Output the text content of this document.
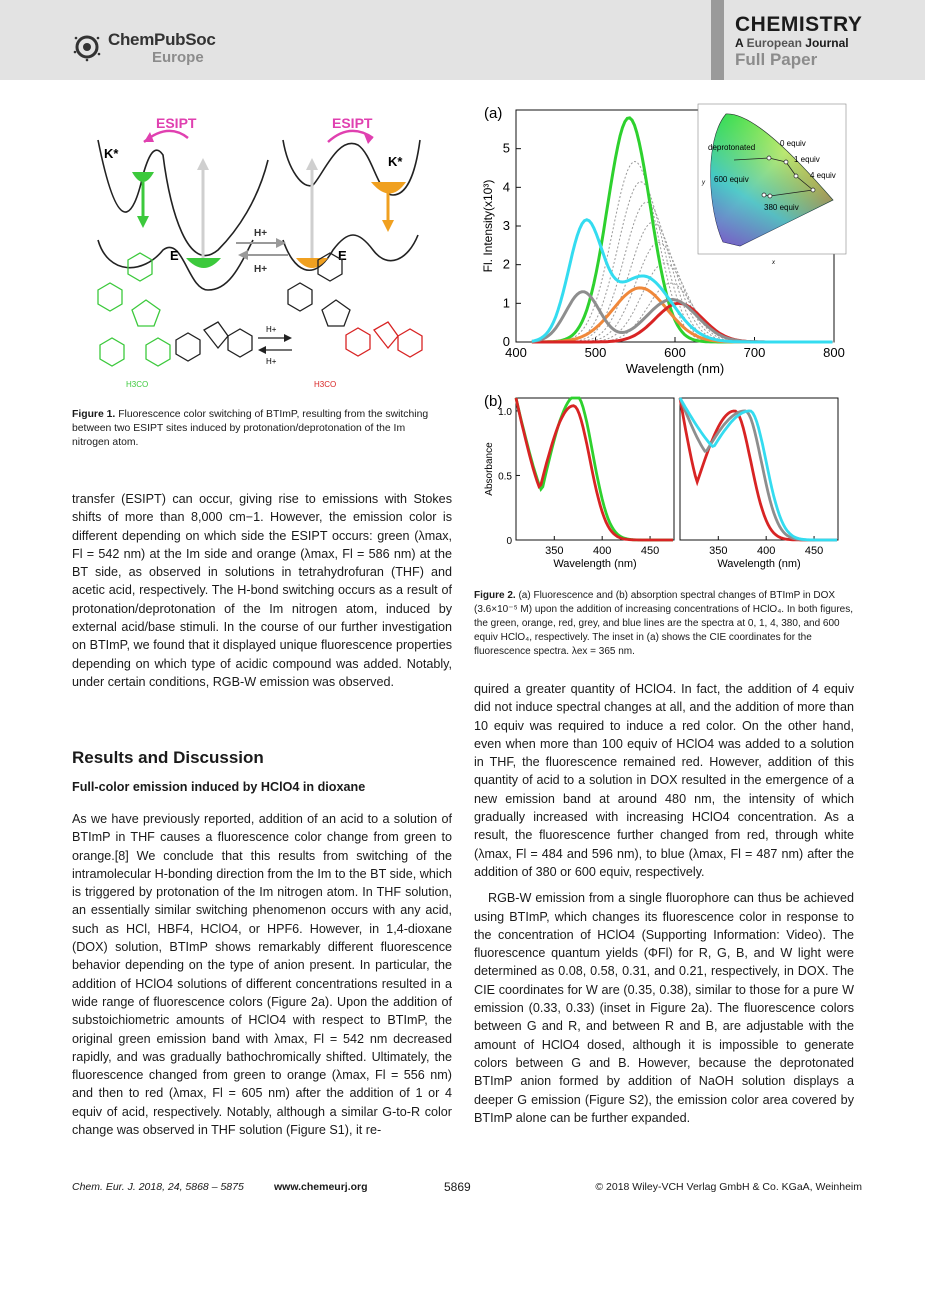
ChemPubSoc
Europe
CHEMISTRY
A European Journal
Full Paper
ESIPT	ESIPT
K*
K*
E	E
H+
H+
H+
H+
H3CO	H3CO
Figure 1. Fluorescence color switching of BTImP, resulting from the switching between two ESIPT sites induced by protonation/deprotonation of the Im nitrogen atom.
(a)
(b)
400	500	600	700	800
0
1
2
3
4
5
Wavelength (nm)
Fl. Intensity(x10³)
350	400	450
Wavelength (nm)
0
0.5
1.0
Absorbance
350	400	450
Wavelength (nm)
deprotonated	0 equiv
1 equiv
4 equiv
600 equiv
380 equiv
x
y
Figure 2. (a) Fluorescence and (b) absorption spectral changes of BTImP in DOX (3.6×10⁻⁵ M) upon the addition of increasing concentrations of HClO₄. In both figures, the green, orange, red, grey, and blue lines are the spectra at 0, 1, 4, 380, and 600 equiv HClO₄, respectively. The inset in (a) shows the CIE coordinates for the fluorescence spectra. λex = 365 nm.

transfer (ESIPT) can occur, giving rise to emissions with Stokes shifts of more than 8,000 cm−1. However, the emission color is different depending on which side the ESIPT occurs: green (λmax, Fl = 542 nm) at the Im side and orange (λmax, Fl = 586 nm) at the BT side, as observed in solutions in tetrahydrofuran (THF) and acetic acid, respectively. The H-bond switching occurs as a result of protonation/deprotonation of the Im nitrogen atom, induced by external acid/base stimuli. In the course of our further investigation on BTImP, we found that it displayed unique fluorescence properties depending on which type of acidic compound was added. Notably, under certain conditions, RGB-W emission was observed.

Results and Discussion
Full-color emission induced by HClO4 in dioxane

As we have previously reported, addition of an acid to a solution of BTImP in THF causes a fluorescence color change from green to orange.[8] We conclude that this results from switching of the intramolecular H-bonding direction from the Im to the BT side, which is triggered by protonation of the Im nitrogen atom. In THF solution, an essentially similar switching phenomenon occurs with any acid, such as HCl, HBF4, HClO4, or HPF6. However, in 1,4-dioxane (DOX) solution, BTImP shows remarkably different fluorescence behavior depending on the type of anion present. In particular, the addition of HClO4 solutions of different concentrations resulted in a wide range of fluorescence colors (Figure 2a). Upon the addition of substoichiometric amounts of HClO4 with respect to BTImP, the original green emission band with λmax, Fl = 542 nm decreased rapidly, and was gradually bathochromically shifted. Ultimately, the fluorescence changed from green to orange (λmax, Fl = 556 nm) and then to red (λmax, Fl = 605 nm) after the addition of 1 or 4 equiv of acid, respectively. Notably, although a similar G-to-R color change was observed in THF solution (Figure S1), it re-

quired a greater quantity of HClO4. In fact, the addition of 4 equiv did not induce spectral changes at all, and the addition of more than 10 equiv was required to induce a red color. On the other hand, even when more than 100 equiv of HClO4 was added to a solution in THF, the fluorescence remained red. However, addition of this quantity of acid to a solution in DOX resulted in the emergence of a new emission band at around 480 nm, the intensity of which gradually increased with increasing HClO4 concentration. As a result, the fluorescence further changed from red, through white (λmax, Fl = 484 and 596 nm), to blue (λmax, Fl = 487 nm) after the addition of 380 or 600 equiv, respectively.

RGB-W emission from a single fluorophore can thus be achieved using BTImP, which changes its fluorescence color in response to the concentration of HClO4 (Supporting Information: Video). The fluorescence quantum yields (ΦFl) for R, G, B, and W light were determined as 0.08, 0.58, 0.31, and 0.21, respectively, in DOX. The CIE coordinates for W are (0.35, 0.38), similar to those for a pure W emission (0.33, 0.33) (inset in Figure 2a). The fluorescence colors between G and R, and between R and B, are adjustable with the amount of HClO4 dosed, although it is impossible to generate colors between G and B. However, because the deprotonated BTImP anion formed by addition of NaOH solution displays a deeper G emission (Figure S2), the emission color area covered by BTImP alone can be further expanded.

Chem. Eur. J. 2018, 24, 5868 – 5875	www.chemeurj.org	5869	© 2018 Wiley-VCH Verlag GmbH & Co. KGaA, Weinheim
